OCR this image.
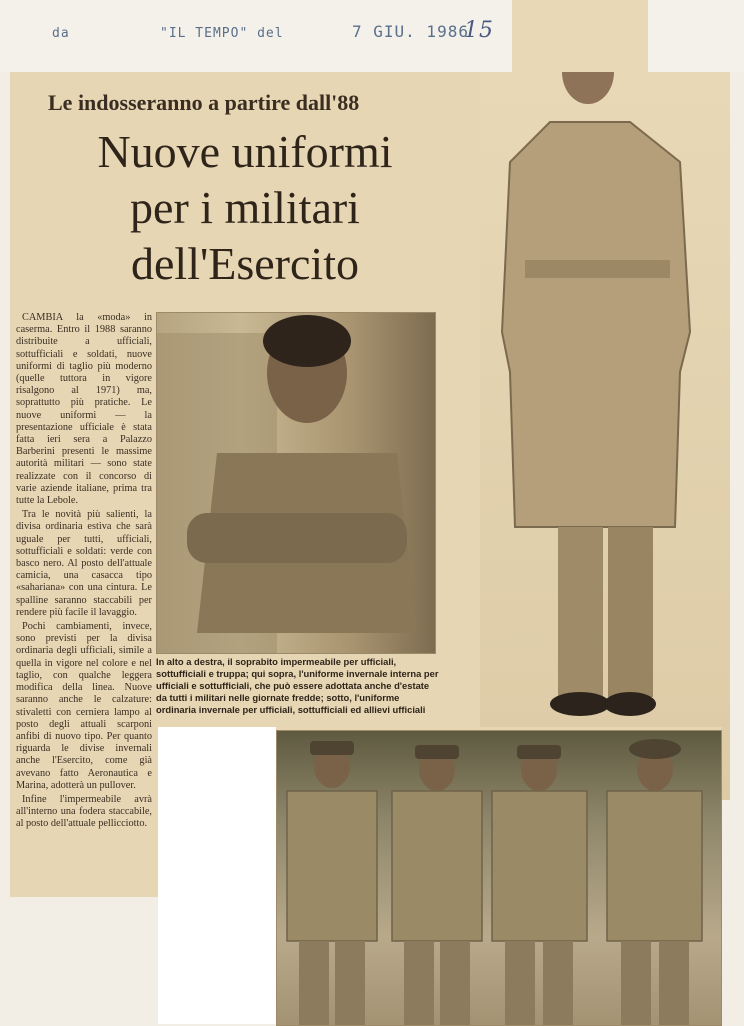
da	"IL TEMPO" del	7 GIU. 1986
15
Le indosseranno a partire dall'88
Nuove uniformi
per i militari
dell'Esercito

CAMBIA la «moda» in caserma. Entro il 1988 saranno distribuite a ufficiali, sottufficiali e soldati, nuove uniformi di taglio più moderno (quelle tuttora in vigore risalgono al 1971) ma, soprattutto più pratiche. Le nuove uniformi — la presentazione ufficiale è stata fatta ieri sera a Palazzo Barberini presenti le massime autorità militari — sono state realizzate con il concorso di varie aziende italiane, prima tra tutte la Lebole.

Tra le novità più salienti, la divisa ordinaria estiva che sarà uguale per tutti, ufficiali, sottufficiali e soldati: verde con basco nero. Al posto dell'attuale camicia, una casacca tipo «sahariana» con una cintura. Le spalline saranno staccabili per rendere più facile il lavaggio.

Pochi cambiamenti, invece, sono previsti per la divisa ordinaria degli ufficiali, simile a quella in vigore nel colore e nel taglio, con qualche leggera modifica della linea. Nuove saranno anche le calzature: stivaletti con cerniera lampo al posto degli attuali scarponi anfibi di nuovo tipo. Per quanto riguarda le divise invernali anche l'Esercito, come già avevano fatto Aeronautica e Marina, adotterà un pullover.

Infine l'impermeabile avrà all'interno una fodera staccabile, al posto dell'attuale pellicciotto.

In alto a destra, il soprabito impermeabile per ufficiali, sottufficiali e truppa; qui sopra, l'uniforme invernale interna per ufficiali e sottufficiali, che può essere adottata anche d'estate da tutti i militari nelle giornate fredde; sotto, l'uniforme ordinaria invernale per ufficiali, sottufficiali ed allievi ufficiali
